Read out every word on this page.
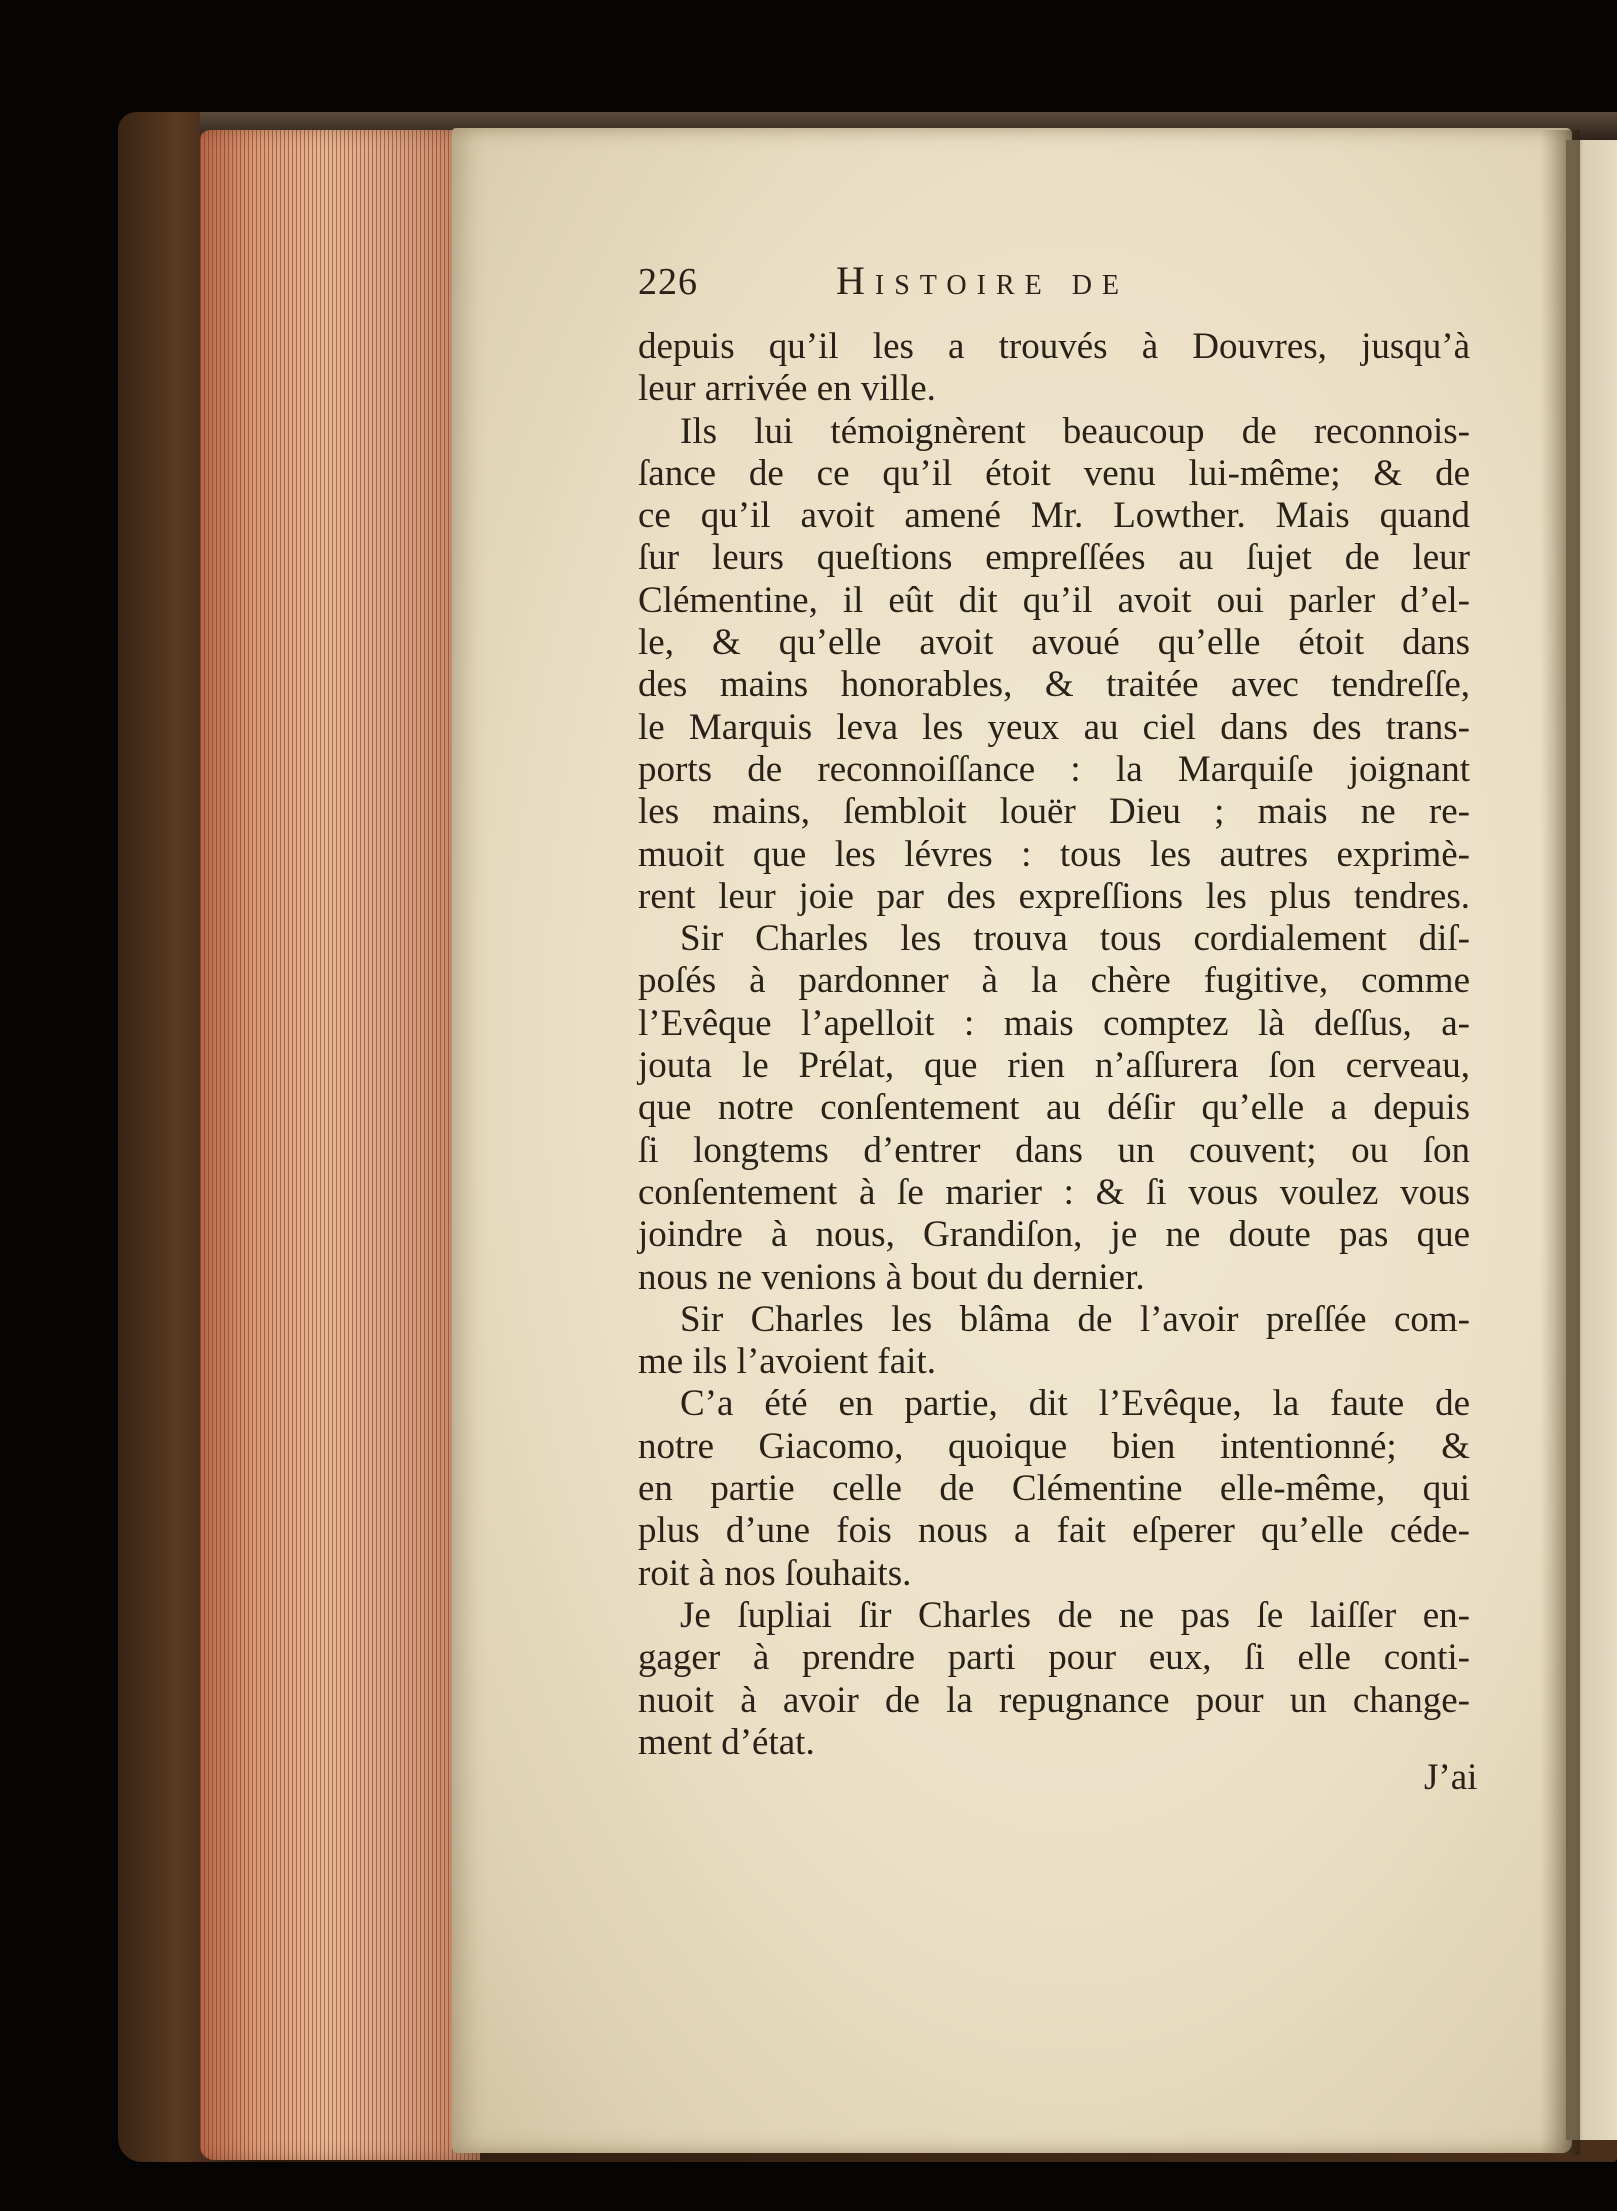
226	Histoire de

depuis qu’il les a trouvés à Douvres, jusqu’à
leur arrivée en ville.

Ils lui témoignèrent beaucoup de reconnois-
ſance de ce qu’il étoit venu lui-même; & de
ce qu’il avoit amené Mr. Lowther. Mais quand
ſur leurs queſtions empreſſées au ſujet de leur
Clémentine, il eût dit qu’il avoit oui parler d’el-
le, & qu’elle avoit avoué qu’elle étoit dans
des mains honorables, & traitée avec tendreſſe,
le Marquis leva les yeux au ciel dans des trans-
ports de reconnoiſſance : la Marquiſe joignant
les mains, ſembloit louër Dieu ; mais ne re-
muoit que les lévres : tous les autres exprimè-
rent leur joie par des expreſſions les plus tendres.

Sir Charles les trouva tous cordialement diſ-
poſés à pardonner à la chère fugitive, comme
l’Evêque l’apelloit : mais comptez là deſſus, a-
jouta le Prélat, que rien n’aſſurera ſon cerveau,
que notre conſentement au déſir qu’elle a depuis
ſi longtems d’entrer dans un couvent; ou ſon
conſentement à ſe marier : & ſi vous voulez vous
joindre à nous, Grandiſon, je ne doute pas que
nous ne venions à bout du dernier.

Sir Charles les blâma de l’avoir preſſée com-
me ils l’avoient fait.

C’a été en partie, dit l’Evêque, la faute de
notre Giacomo, quoique bien intentionné; &
en partie celle de Clémentine elle-même, qui
plus d’une fois nous a fait eſperer qu’elle céde-
roit à nos ſouhaits.

Je ſupliai ſir Charles de ne pas ſe laiſſer en-
gager à prendre parti pour eux, ſi elle conti-
nuoit à avoir de la repugnance pour un change-
ment d’état.

J’ai
